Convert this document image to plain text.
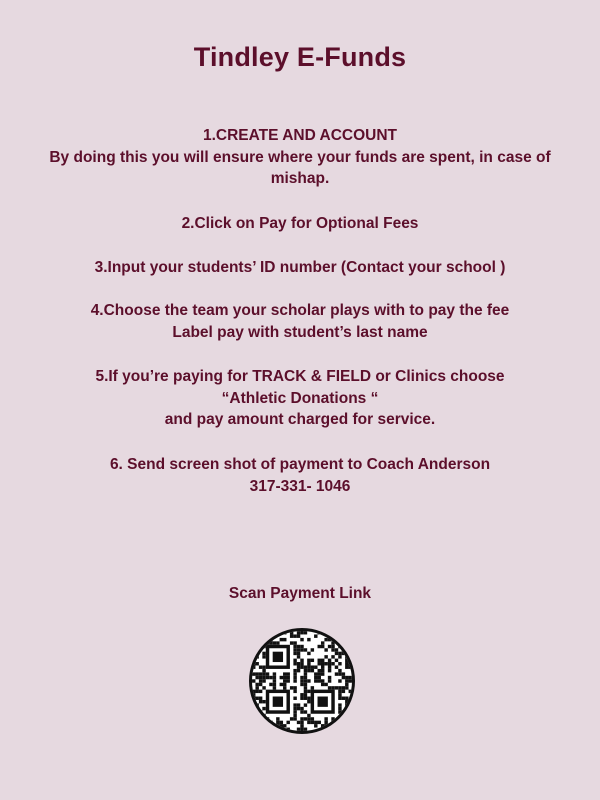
Tindley E-Funds
1.CREATE AND ACCOUNT
By doing this you will ensure where your funds are spent, in case of
mishap.
2.Click on Pay for Optional Fees
3.Input your students’ ID number (Contact your school )
4.Choose the team your scholar plays with to pay the fee
Label pay with student’s last name
5.If you’re paying for TRACK & FIELD or Clinics choose
“Athletic Donations “
and pay amount charged for service.
6. Send screen shot of payment to Coach Anderson
317-331- 1046
Scan Payment Link
